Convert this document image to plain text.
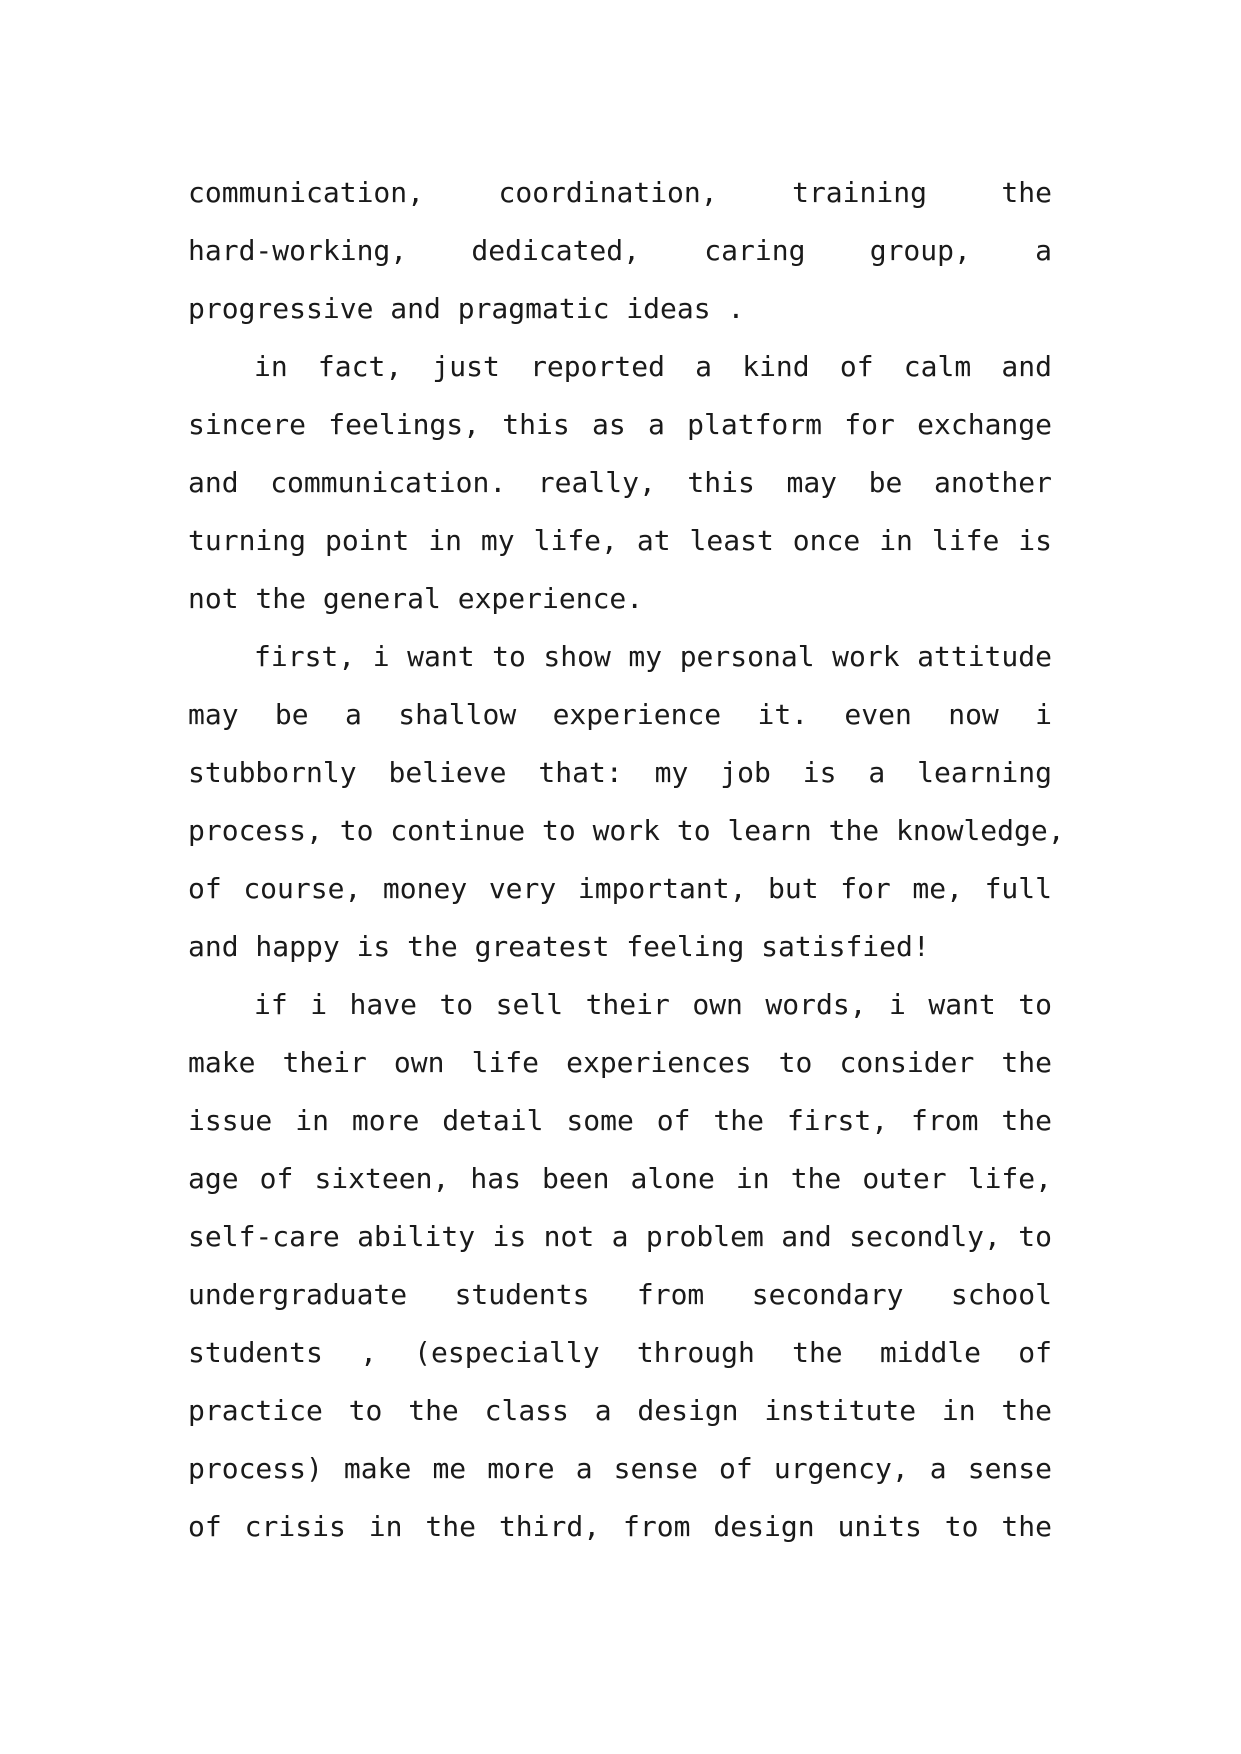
communication, coordination, training the
hard-working, dedicated, caring group, a
progressive and pragmatic ideas .
in fact, just reported a kind of calm and
sincere feelings, this as a platform for exchange
and communication. really, this may be another
turning point in my life, at least once in life is
not the general experience.
first, i want to show my personal work attitude
may be a shallow experience it. even now i
stubbornly believe that: my job is a learning
process, to continue to work to learn the knowledge,
of course, money very important, but for me, full
and happy is the greatest feeling satisfied!
if i have to sell their own words, i want to
make their own life experiences to consider the
issue in more detail some of the first, from the
age of sixteen, has been alone in the outer life,
self-care ability is not a problem and secondly, to
undergraduate students from secondary school
students , (especially through the middle of
practice to the class a design institute in the
process) make me more a sense of urgency, a sense
of crisis in the third, from design units to the
